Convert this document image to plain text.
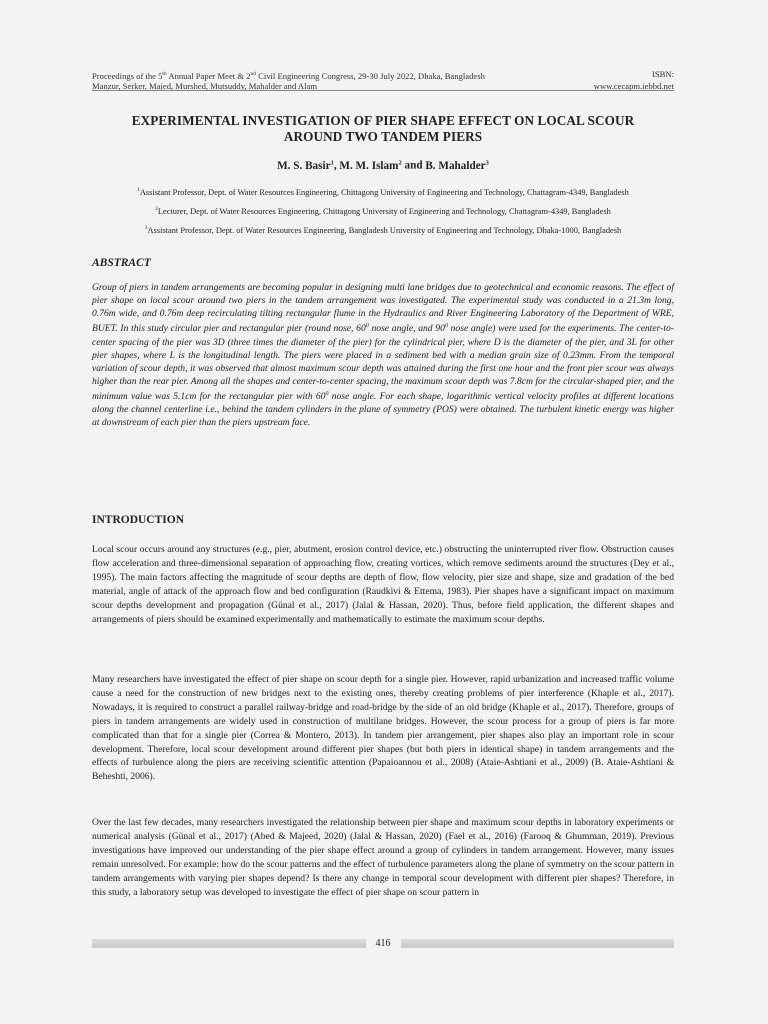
Proceedings of the 5th Annual Paper Meet & 2nd Civil Engineering Congress, 29-30 July 2022, Dhaka, Bangladesh	ISBN:
Manzur, Serker, Majed, Murshed, Mutsuddy, Mahalder and Alam	www.cecapm.iebbd.net
EXPERIMENTAL INVESTIGATION OF PIER SHAPE EFFECT ON LOCAL SCOUR
AROUND TWO TANDEM PIERS
M. S. Basir$^1$, M. M. Islam$^2$ and B. Mahalder$^3$
$^1$Assistant Professor, Dept. of Water Resources Engineering, Chittagong University of Engineering and Technology, Chattagram-4349, Bangladesh
$^2$Lecturer, Dept. of Water Resources Engineering, Chittagong University of Engineering and Technology, Chattagram-4349, Bangladesh
$^3$Assistant Professor, Dept. of Water Resources Engineering, Bangladesh University of Engineering and Technology, Dhaka-1000, Bangladesh
ABSTRACT
Group of piers in tandem arrangements are becoming popular in designing multi lane bridges due to geotechnical and economic reasons. The effect of pier shape on local scour around two piers in the tandem arrangement was investigated. The experimental study was conducted in a 21.3m long, 0.76m wide, and 0.76m deep recirculating tilting rectangular flume in the Hydraulics and River Engineering Laboratory of the Department of WRE, BUET. In this study circular pier and rectangular pier (round nose, $60^0$ nose angle, and $90^0$ nose angle) were used for the experiments. The center-to-center spacing of the pier was 3D (three times the diameter of the pier) for the cylindrical pier, where D is the diameter of the pier, and 3L for other pier shapes, where L is the longitudinal length. The piers were placed in a sediment bed with a median grain size of 0.23mm. From the temporal variation of scour depth, it was observed that almost maximum scour depth was attained during the first one hour and the front pier scour was always higher than the rear pier. Among all the shapes and center-to-center spacing, the maximum scour depth was 7.8cm for the circular-shaped pier, and the minimum value was 5.1cm for the rectangular pier with $60^0$ nose angle. For each shape, logarithmic vertical velocity profiles at different locations along the channel centerline i.e., behind the tandem cylinders in the plane of symmetry (POS) were obtained. The turbulent kinetic energy was higher at downstream of each pier than the piers upstream face.
INTRODUCTION
Local scour occurs around any structures (e.g., pier, abutment, erosion control device, etc.) obstructing the uninterrupted river flow. Obstruction causes flow acceleration and three-dimensional separation of approaching flow, creating vortices, which remove sediments around the structures (Dey et al., 1995). The main factors affecting the magnitude of scour depths are depth of flow, flow velocity, pier size and shape, size and gradation of the bed material, angle of attack of the approach flow and bed configuration (Raudkivi & Ettema, 1983). Pier shapes have a significant impact on maximum scour depths development and propagation (Günal et al., 2017) (Jalal & Hassan, 2020). Thus, before field application, the different shapes and arrangements of piers should be examined experimentally and mathematically to estimate the maximum scour depths.
Many researchers have investigated the effect of pier shape on scour depth for a single pier. However, rapid urbanization and increased traffic volume cause a need for the construction of new bridges next to the existing ones, thereby creating problems of pier interference (Khaple et al., 2017). Nowadays, it is required to construct a parallel railway-bridge and road-bridge by the side of an old bridge (Khaple et al., 2017). Therefore, groups of piers in tandem arrangements are widely used in construction of multilane bridges. However, the scour process for a group of piers is far more complicated than that for a single pier (Correa & Montero, 2013). In tandem pier arrangement, pier shapes also play an important role in scour development. Therefore, local scour development around different pier shapes (but both piers in identical shape) in tandem arrangements and the effects of turbulence along the piers are receiving scientific attention (Papaioannou et al., 2008) (Ataie-Ashtiani et al., 2009) (B. Ataie-Ashtiani & Beheshti, 2006).
Over the last few decades, many researchers investigated the relationship between pier shape and maximum scour depths in laboratory experiments or numerical analysis (Günal et al., 2017) (Abed & Majeed, 2020) (Jalal & Hassan, 2020) (Fael et al., 2016) (Farooq & Ghumman, 2019). Previous investigations have improved our understanding of the pier shape effect around a group of cylinders in tandem arrangement. However, many issues remain unresolved. For example: how do the scour patterns and the effect of turbulence parameters along the plane of symmetry on the scour pattern in tandem arrangements with varying pier shapes depend? Is there any change in temporal scour development with different pier shapes? Therefore, in this study, a laboratory setup was developed to investigate the effect of pier shape on scour pattern in
416
